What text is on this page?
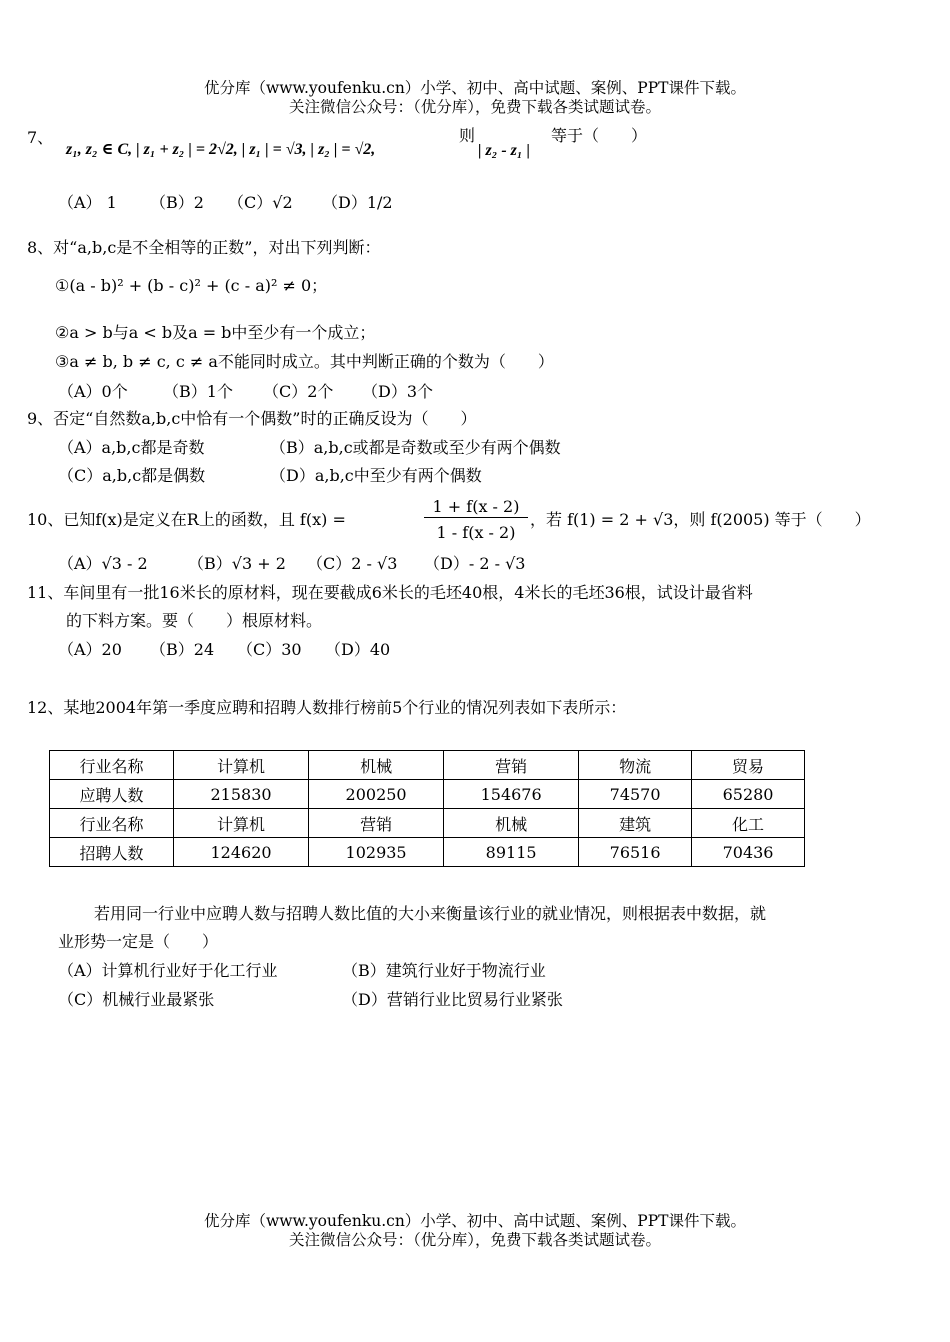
优分库（www.youfenku.cn）小学、初中、高中试题、案例、PPT课件下载。
关注微信公众号：（优分库），免费下载各类试题试卷。
7、
z₁, z₂ ∈ C, | z₁ + z₂ | = 2√2, | z₁ | = √3, | z₂ | = √2,
则
| z₂ - z₁ |
等于（　　）
（A） 1 （B）2 （C）√2 （D）1/2
8、对“a,b,c是不全相等的正数”，对出下列判断：
①(a - b)² + (b - c)² + (c - a)² ≠ 0；
②a > b与a < b及a = b中至少有一个成立；
③a ≠ b, b ≠ c, c ≠ a不能同时成立。其中判断正确的个数为（　　）
（A）0个 （B）1个 （C）2个 （D）3个
9、否定“自然数a,b,c中恰有一个偶数”时的正确反设为（　　）
（A）a,b,c都是奇数	（B）a,b,c或都是奇数或至少有两个偶数
（C）a,b,c都是偶数	（D）a,b,c中至少有两个偶数
10、已知f(x)是定义在R上的函数，且 f(x) =
1 + f(x - 2)
1 - f(x - 2)
，若 f(1) = 2 + √3，则 f(2005) 等于（　　）
（A）√3 - 2	（B）√3 + 2 （C）2 - √3 （D）- 2 - √3
11、车间里有一批16米长的原材料，现在要截成6米长的毛坯40根，4米长的毛坯36根，试设计最省料
的下料方案。要（　　）根原材料。
（A）20 （B）24 （C）30 （D）40
12、某地2004年第一季度应聘和招聘人数排行榜前5个行业的情况列表如下表所示：
行业名称	计算机	机械	营销	物流	贸易
应聘人数	215830	200250	154676	74570	65280
行业名称	计算机	营销	机械	建筑	化工
招聘人数	124620	102935	89115	76516	70436
若用同一行业中应聘人数与招聘人数比值的大小来衡量该行业的就业情况，则根据表中数据，就
业形势一定是（　　）
（A）计算机行业好于化工行业	（B）建筑行业好于物流行业
（C）机械行业最紧张	（D）营销行业比贸易行业紧张
优分库（www.youfenku.cn）小学、初中、高中试题、案例、PPT课件下载。
关注微信公众号：（优分库），免费下载各类试题试卷。
